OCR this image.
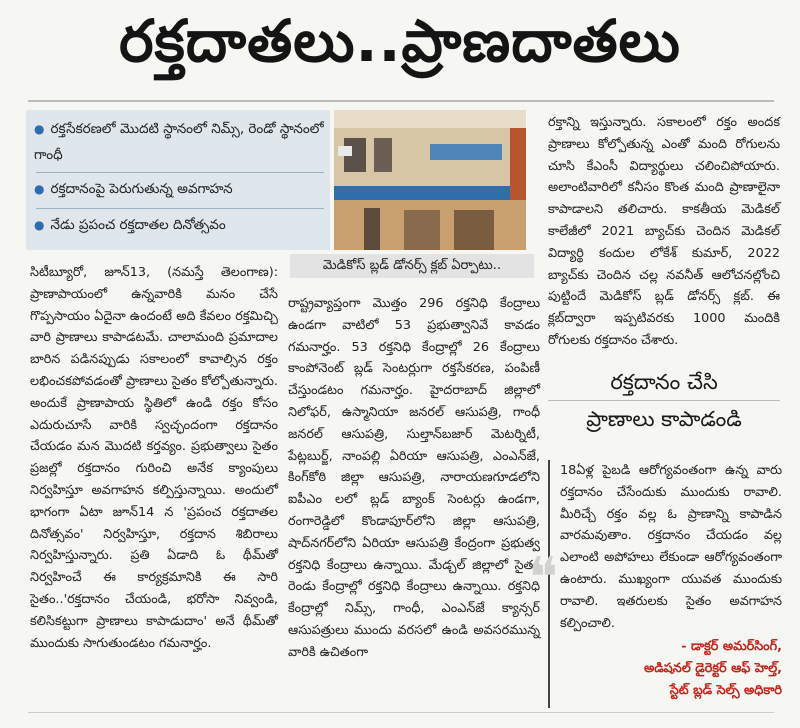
రక్తదాతలు..ప్రాణదాతలు
● రక్తసేకరణలో మొదటి స్థానంలో నిమ్స్, రెండో స్థానంలో గాంధీ
● రక్తదానంపై పెరుగుతున్న అవగాహన
● నేడు ప్రపంచ రక్తదాతల దినోత్సవం
మెడికోస్ బ్లడ్ డోనర్స్ క్లబ్ ఏర్పాటు..

సిటీబ్యూరో, జూన్13, (నమస్తే తెలంగాణ): ప్రాణాపాయంలో ఉన్నవారికి మనం చేసే గొప్పసాయం ఏదైనా ఉందంటే అది కేవలం రక్తమిచ్చి వారి ప్రాణాలు కాపాడటమే. చాలామంది ప్రమాదాల బారిన పడినప్పుడు సకాలంలో కావాల్సిన రక్తం లభించకపోవడంతో ప్రాణాలు సైతం కోల్పోతున్నారు. అందుకే ప్రాణాపాయ స్థితిలో ఉండి రక్తం కోసం ఎదురుచూసే వారికి స్వచ్ఛందంగా రక్తదానం చేయడం మన మొదటి కర్తవ్యం. ప్రభుత్వాలు సైతం ప్రజల్లో రక్తదానం గురించి అనేక క్యాంపులు నిర్వహిస్తూ అవగాహన కల్పిస్తున్నాయి. అందులో భాగంగా ఏటా జూన్14 న 'ప్రపంచ రక్తదాతల దినోత్సవం' నిర్వహిస్తూ, రక్తదాన శిబిరాలు నిర్వహిస్తున్నారు. ప్రతి ఏడాది ఓ థీమ్‌తో నిర్వహించే ఈ కార్యక్రమానికి ఈ సారి సైతం..'రక్తదానం చేయండి, భరోసా నివ్వండి, కలిసికట్టుగా ప్రాణాలు కాపాడుదాం' అనే థీమ్‌తో ముందుకు సాగుతుండటం గమనార్హం.

రాష్ట్రవ్యాప్తంగా మొత్తం 296 రక్తనిధి కేంద్రాలు ఉండగా వాటిలో 53 ప్రభుత్వానివే కావడం గమనార్హం. 53 రక్తనిధి కేంద్రాల్లో 26 కేంద్రాలు కాంపోనెంట్ బ్లడ్ సెంటర్లుగా రక్తసేకరణ, పంపిణీ చేస్తుండటం గమనార్హం. హైదరాబాద్ జిల్లాలో నిలోఫర్, ఉస్మానియా జనరల్ ఆసుపత్రి, గాంధీ జనరల్ ఆసుపత్రి, సుల్తాన్‌బజార్ మెటర్నిటీ, పేట్లబుర్జ్, నాంపల్లి ఏరియా ఆసుపత్రి, ఎంఎన్‌జే, కింగ్‌కోఠి జిల్లా ఆసుపత్రి, నారాయణగూడలోని ఐపీఎం లలో బ్లడ్ బ్యాంక్ సెంటర్లు ఉండగా, రంగారెడ్డిలో కొండాపూర్‌లోని జిల్లా ఆసుపత్రి, షాద్‌నగర్‌లోని ఏరియా ఆసుపత్రి కేంద్రంగా ప్రభుత్వ రక్తనిధి కేంద్రాలు ఉన్నాయి. మేడ్చల్ జిల్లాలో సైతం రెండు కేంద్రాల్లో రక్తనిధి కేంద్రాలు ఉన్నాయి. రక్తనిధి కేంద్రాల్లో నిమ్స్, గాంధీ, ఎంఎన్‌జే క్యాన్సర్ ఆసుపత్రులు ముందు వరసలో ఉండి అవసరమున్న వారికి ఉచితంగా

రక్తాన్ని ఇస్తున్నారు. సకాలంలో రక్తం అందక ప్రాణాలు కోల్పోతున్న ఎంతో మంది రోగులను చూసి కేఎంసీ విద్యార్థులు చలించిపోయారు. అలాంటివారిలో కనీసం కొంత మంది ప్రాణాలైనా కాపాడాలని తలిచారు. కాకతీయ మెడికల్ కాలేజీలో 2021 బ్యాచ్‌కు చెందిన మెడికల్ విద్యార్థి కందుల లోకేశ్ కుమార్, 2022 బ్యాచ్‌కు చెందిన చల్ల నవనీత్ ఆలోచనల్లోంచి పుట్టిందే మెడికోస్ బ్లడ్ డోనర్స్ క్లబ్. ఈ క్లబ్‌ద్వారా ఇప్పటివరకు 1000 మందికి రోగులకు రక్తదానం చేశారు.

రక్తదానం చేసి
ప్రాణాలు కాపాడండి
❝
18ఏళ్ల పైబడి ఆరోగ్యవంతంగా ఉన్న వారు రక్తదానం చేసేందుకు ముందుకు రావాలి. మీరిచ్చే రక్తం వల్ల ఓ ప్రాణాన్ని కాపాడిన వారమవుతాం. రక్తదానం చేయడం వల్ల ఎలాంటి అపోహలు లేకుండా ఆరోగ్యవంతంగా ఉంటారు. ముఖ్యంగా యువత ముందుకు రావాలి. ఇతరులకు సైతం అవగాహన కల్పించాలి.
- డాక్టర్ అమర్‌సింగ్,
అడిషనల్ డైరెక్టర్ ఆఫ్ హెల్త్,
స్టేట్ బ్లడ్ సెల్స్ అధికారి
